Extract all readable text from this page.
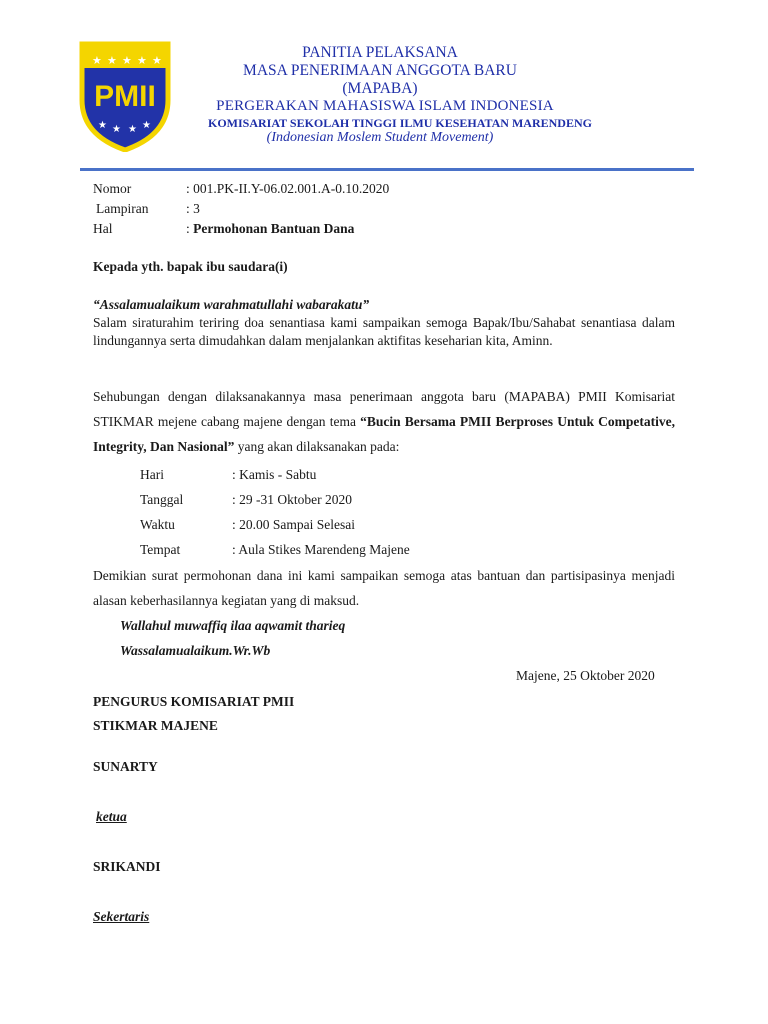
★ ★ ★ ★ ★
PMII
★ ★ ★ ★
PANITIA PELAKSANA
MASA PENERIMAAN ANGGOTA BARU
(MAPABA)
PERGERAKAN MAHASISWA ISLAM INDONESIA
KOMISARIAT SEKOLAH TINGGI ILMU KESEHATAN MARENDENG
(Indonesian Moslem Student Movement)
Nomor	: 001.PK-II.Y-06.02.001.A-0.10.2020
Lampiran	: 3
Hal	: Permohonan Bantuan Dana
Kepada yth. bapak ibu saudara(i)
“Assalamualaikum warahmatullahi wabarakatu”
Salam siraturahim teriring doa senantiasa kami sampaikan semoga Bapak/Ibu/Sahabat senantiasa dalam lindungannya serta dimudahkan dalam menjalankan aktifitas keseharian kita, Aminn.
Sehubungan dengan dilaksanakannya masa penerimaan anggota baru (MAPABA) PMII Komisariat STIKMAR mejene cabang majene dengan tema “Bucin Bersama PMII Berproses Untuk Competative, Integrity, Dan Nasional” yang akan dilaksanakan pada:
Hari	: Kamis - Sabtu
Tanggal	: 29 -31 Oktober 2020
Waktu	: 20.00 Sampai Selesai
Tempat	: Aula Stikes Marendeng Majene
Demikian surat permohonan dana ini kami sampaikan semoga atas bantuan dan partisipasinya menjadi alasan keberhasilannya kegiatan yang di maksud.
Wallahul muwaffiq ilaa aqwamit tharieq
Wassalamualaikum.Wr.Wb
Majene, 25 Oktober 2020
PENGURUS KOMISARIAT PMII
STIKMAR MAJENE
SUNARTY
ketua
SRIKANDI
Sekertaris
